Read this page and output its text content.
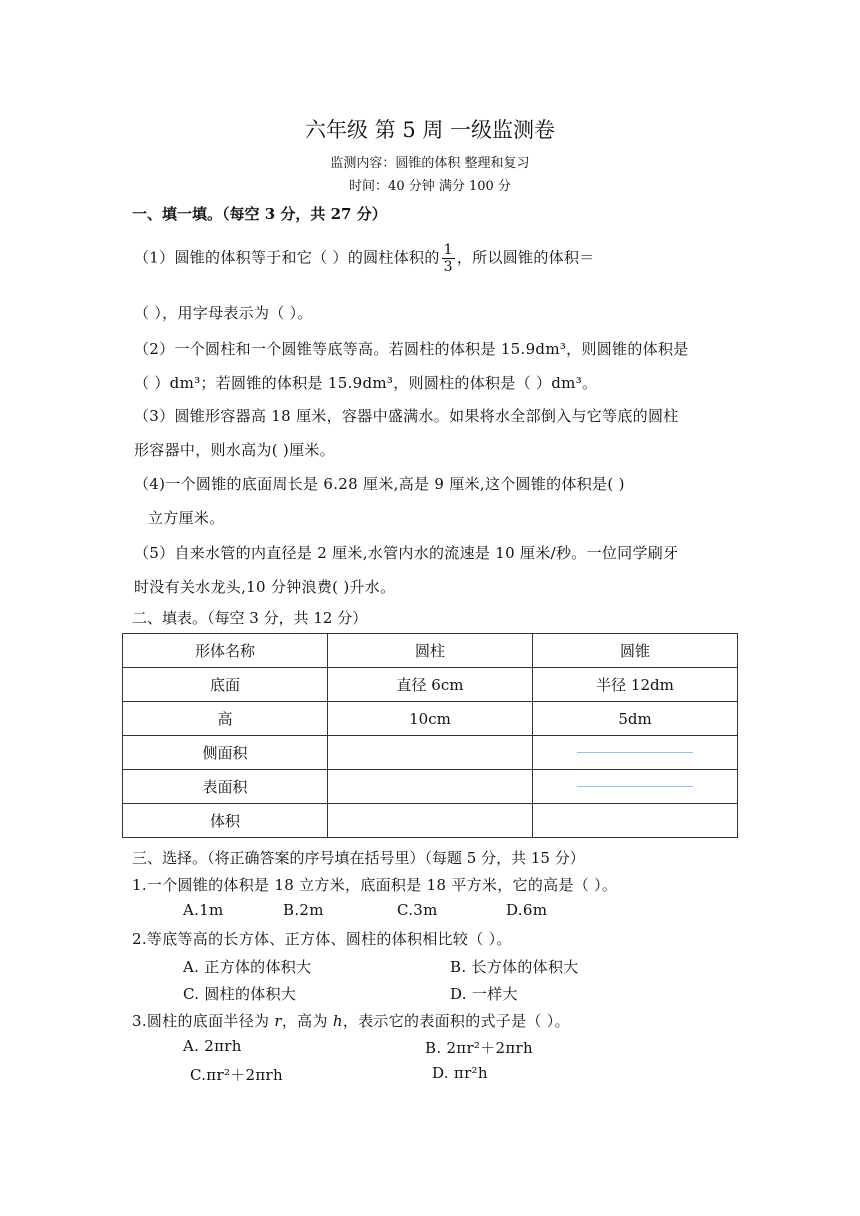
六年级 第 5 周 一级监测卷
监测内容：圆锥的体积 整理和复习
时间：40 分钟 满分 100 分
一、填一填。（每空 3 分，共 27 分）
（1）圆锥的体积等于和它（ ）的圆柱体积的 $\frac{1}{3}$ ，所以圆锥的体积＝
（ ），用字母表示为（ ）。
（2）一个圆柱和一个圆锥等底等高。若圆柱的体积是 15.9dm³，则圆锥的体积是
（ ）dm³；若圆锥的体积是 15.9dm³，则圆柱的体积是（ ）dm³。
（3）圆锥形容器高 18 厘米，容器中盛满水。如果将水全部倒入与它等底的圆柱
形容器中，则水高为( )厘米。
（4)一个圆锥的底面周长是 6.28 厘米,高是 9 厘米,这个圆锥的体积是( )
立方厘米。
（5）自来水管的内直径是 2 厘米,水管内水的流速是 10 厘米/秒。一位同学刷牙
时没有关水龙头,10 分钟浪费( )升水。
二、填表。（每空 3 分，共 12 分）
形体名称	圆柱	圆锥
底面	直径 6cm	半径 12dm
高	10cm	5dm
侧面积		

表面积		

体积		
三、选择。（将正确答案的序号填在括号里）（每题 5 分，共 15 分）
1.一个圆锥的体积是 18 立方米，底面积是 18 平方米，它的高是（ ）。
A.1m	B.2m	C.3m	D.6m
2.等底等高的长方体、正方体、圆柱的体积相比较（ ）。
A. 正方体的体积大	B. 长方体的体积大
C. 圆柱的体积大	D. 一样大
3.圆柱的底面半径为 r，高为 h，表示它的表面积的式子是（ ）。
A. 2πrh	B. 2πr²＋2πrh
C.πr²＋2πrh	D. πr²h
